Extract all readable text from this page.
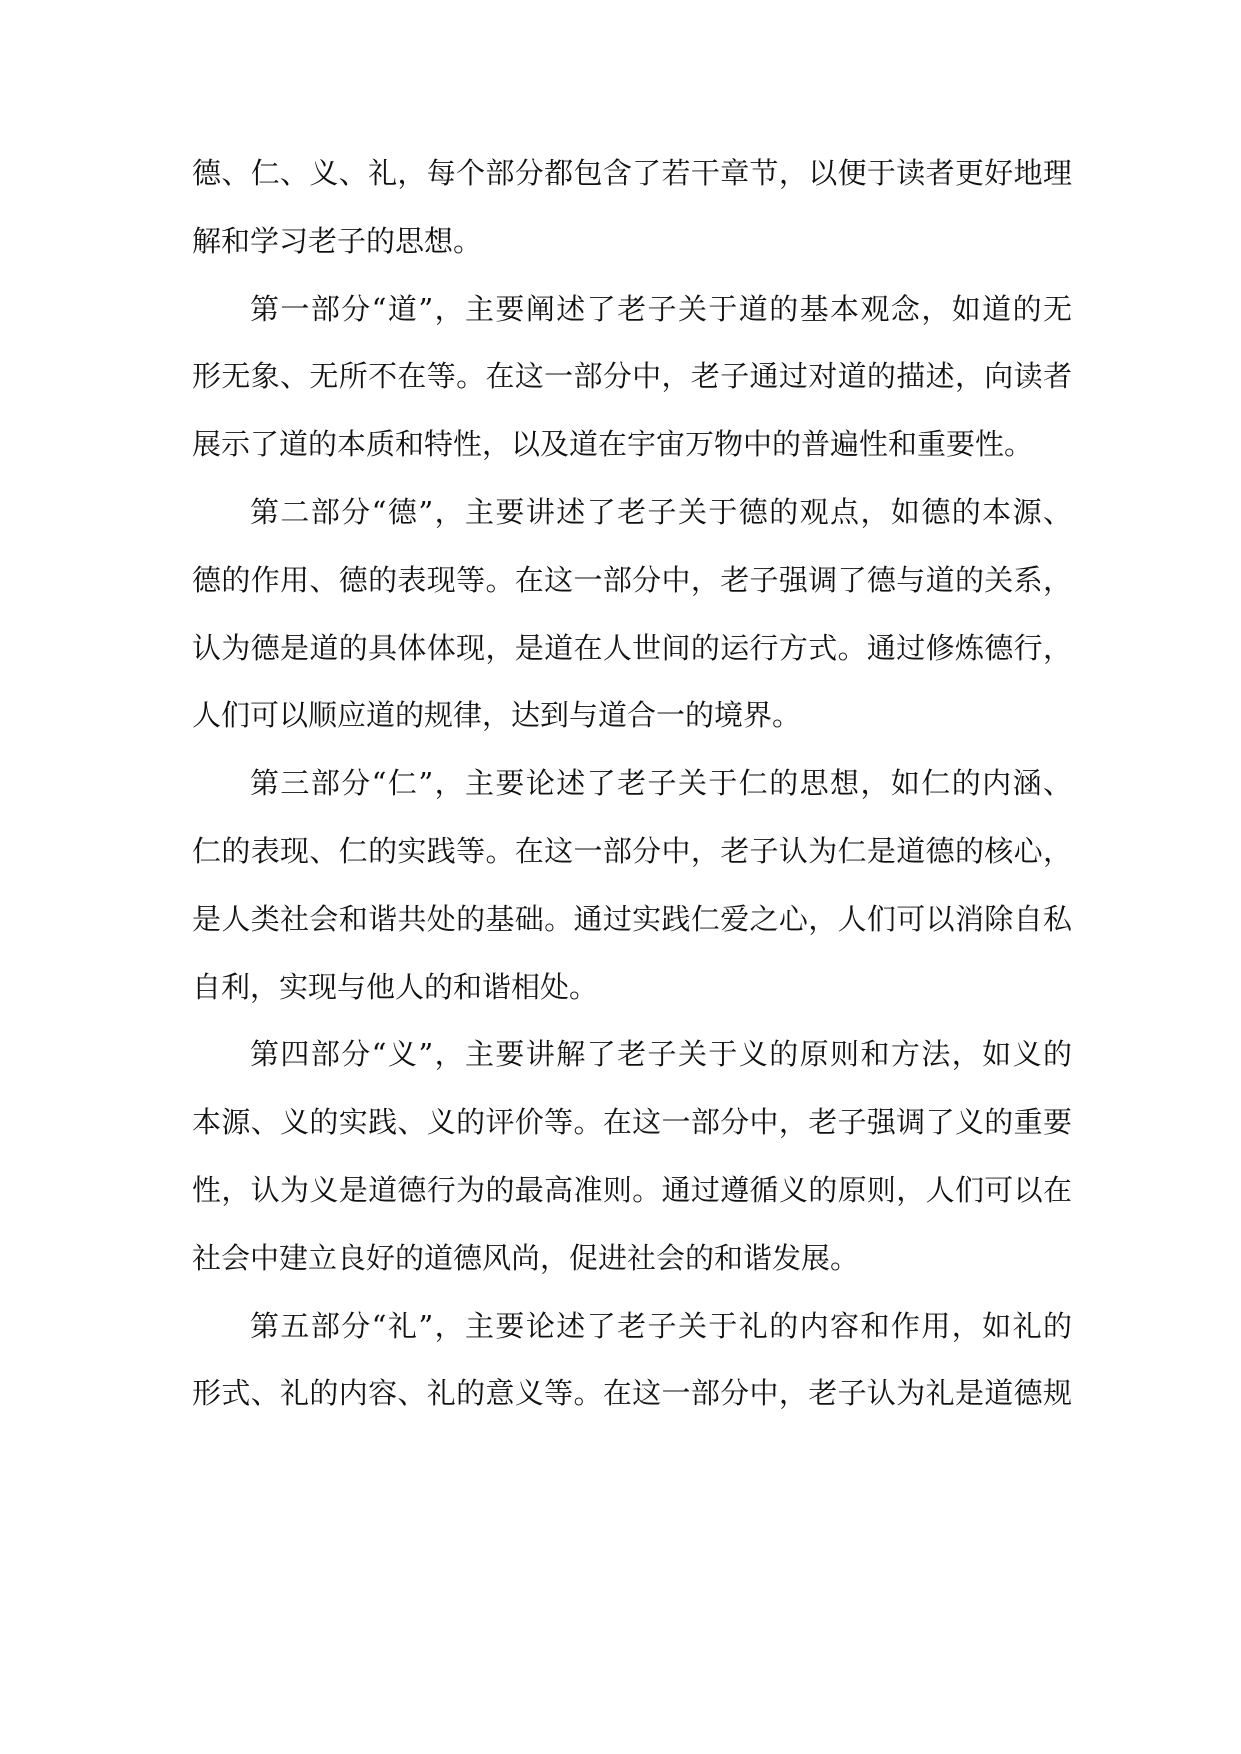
德、仁、义、礼，每个部分都包含了若干章节，以便于读者更好地理
解和学习老子的思想。

第一部分“道”，主要阐述了老子关于道的基本观念，如道的无
形无象、无所不在等。在这一部分中，老子通过对道的描述，向读者
展示了道的本质和特性，以及道在宇宙万物中的普遍性和重要性。

第二部分“德”，主要讲述了老子关于德的观点，如德的本源、
德的作用、德的表现等。在这一部分中，老子强调了德与道的关系，
认为德是道的具体体现，是道在人世间的运行方式。通过修炼德行，
人们可以顺应道的规律，达到与道合一的境界。

第三部分“仁”，主要论述了老子关于仁的思想，如仁的内涵、
仁的表现、仁的实践等。在这一部分中，老子认为仁是道德的核心，
是人类社会和谐共处的基础。通过实践仁爱之心，人们可以消除自私
自利，实现与他人的和谐相处。

第四部分“义”，主要讲解了老子关于义的原则和方法，如义的
本源、义的实践、义的评价等。在这一部分中，老子强调了义的重要
性，认为义是道德行为的最高准则。通过遵循义的原则，人们可以在
社会中建立良好的道德风尚，促进社会的和谐发展。

第五部分“礼”，主要论述了老子关于礼的内容和作用，如礼的
形式、礼的内容、礼的意义等。在这一部分中，老子认为礼是道德规
